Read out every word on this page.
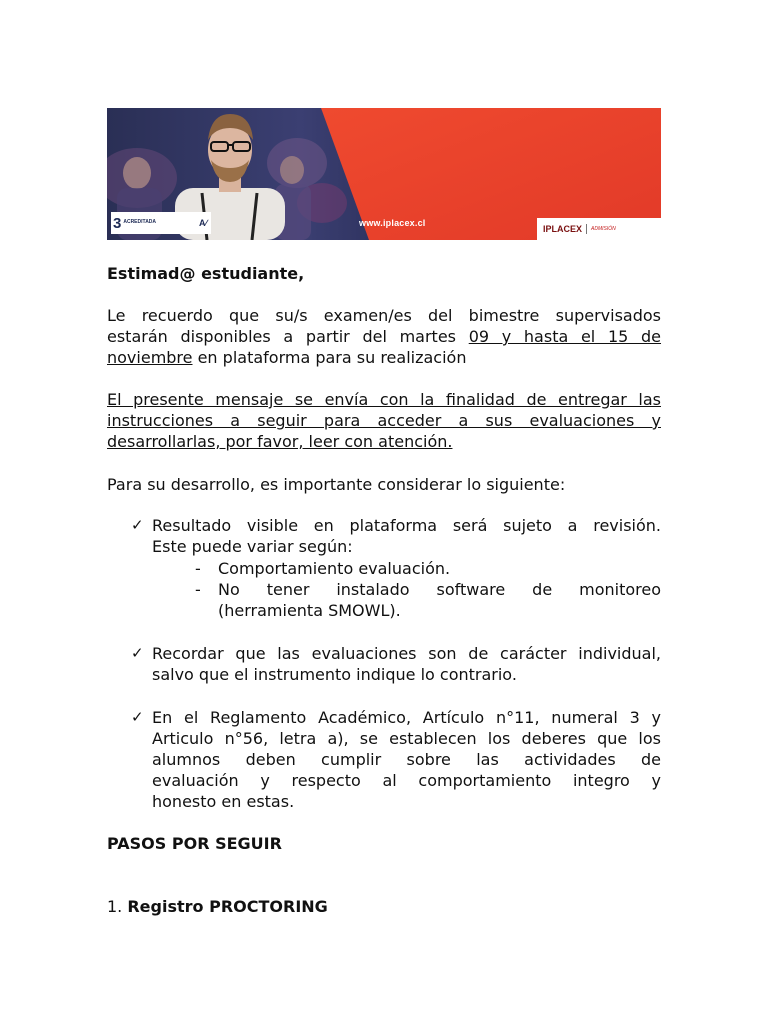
3 ACREDITADA	A∕	www.iplacex.cl
IPLACEX ADMISIÓN
Estimad@ estudiante,
Le recuerdo que su/s examen/es del bimestre supervisados
estarán disponibles a partir del martes 09 y hasta el 15 de
noviembre en plataforma para su realización
El presente mensaje se envía con la finalidad de entregar las
instrucciones a seguir para acceder a sus evaluaciones y
desarrollarlas, por favor, leer con atención.
Para su desarrollo, es importante considerar lo siguiente:
✓ Resultado visible en plataforma será sujeto a revisión.
Este puede variar según:
- Comportamiento evaluación.
- No tener instalado software de monitoreo
(herramienta SMOWL).
✓ Recordar que las evaluaciones son de carácter individual,
salvo que el instrumento indique lo contrario.
✓ En el Reglamento Académico, Artículo n°11, numeral 3 y
Articulo n°56, letra a), se establecen los deberes que los
alumnos deben cumplir sobre las actividades de
evaluación y respecto al comportamiento integro y
honesto en estas.
PASOS POR SEGUIR
1. Registro PROCTORING
